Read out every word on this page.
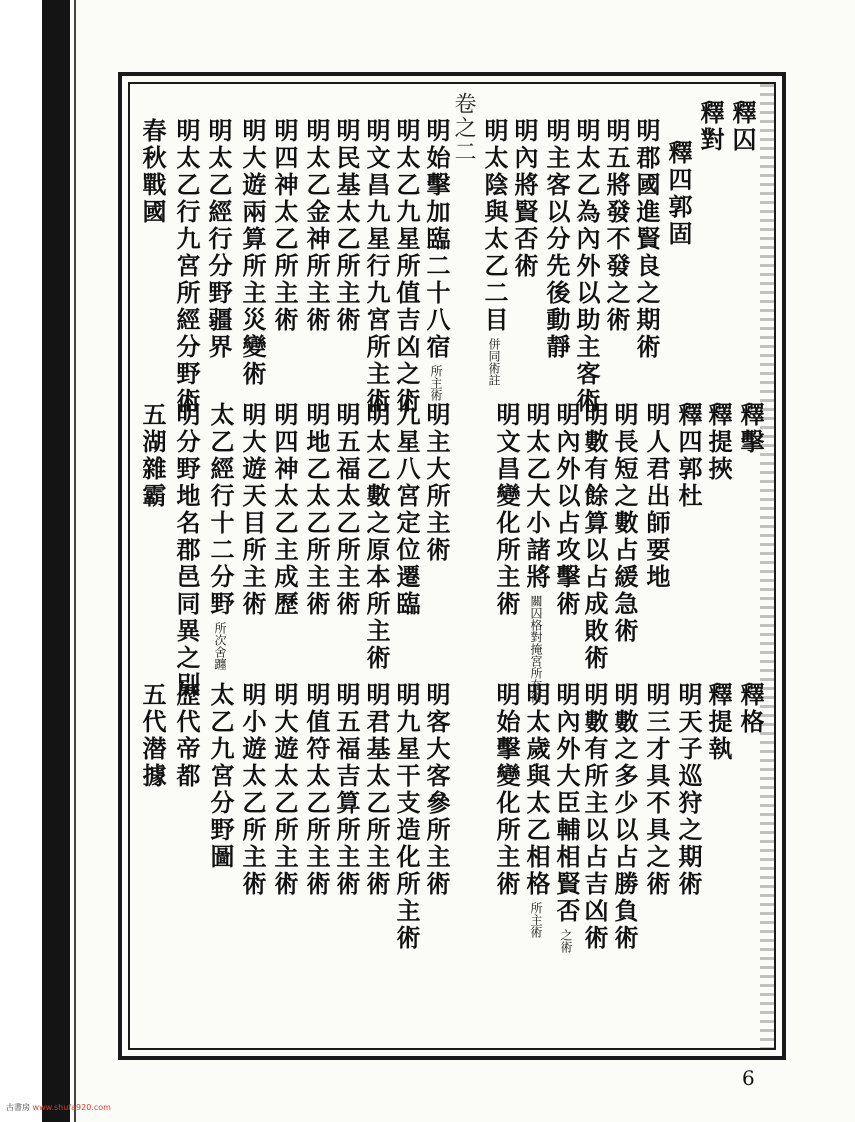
卷之二	釋囚
釋對
釋四郭固
明郡國進賢良之期術
明五將發不發之術
明太乙為內外以助主客術
明主客以分先後動靜
明內將賢否術
明太陰與太乙二目併同術註
明始擊加臨二十八宿所主術
明太乙九星所值吉凶之術
明文昌九星行九宮所主術
明民基太乙所主術
明太乙金神所主術
明四神太乙所主術
明大遊兩算所主災變術
明太乙經行分野疆界
明太乙行九宮所經分野術
春秋戰國
釋擊
釋提挾
釋四郭杜
明人君出師要地
明長短之數占緩急術
明數有餘算以占成敗術
明內外以占攻擊術
明太乙大小諸將關囚格對掩宮所在術
明文昌變化所主術
明主大所主術
九星八宮定位遷臨
明太乙數之原本所主術
明五福太乙所主術
明地乙太乙所主術
明四神太乙主成歷
明大遊天目所主術
太乙經行十二分野所次舍躔
明分野地名郡邑同異之別
五湖雜霸
釋格
釋提執
明天子巡狩之期術
明三才具不具之術
明數之多少以占勝負術
明數有所主以占吉凶術
明內外大臣輔相賢否之術
明太歲與太乙相格所主術
明始擊變化所主術
明客大客參所主術
明九星干支造化所主術
明君基太乙所主術
明五福吉算所主術
明值符太乙所主術
明大遊太乙所主術
明小遊太乙所主術
太乙九宮分野圖
歷代帝都
五代潜據
6
古書房 www.shufa920.com
